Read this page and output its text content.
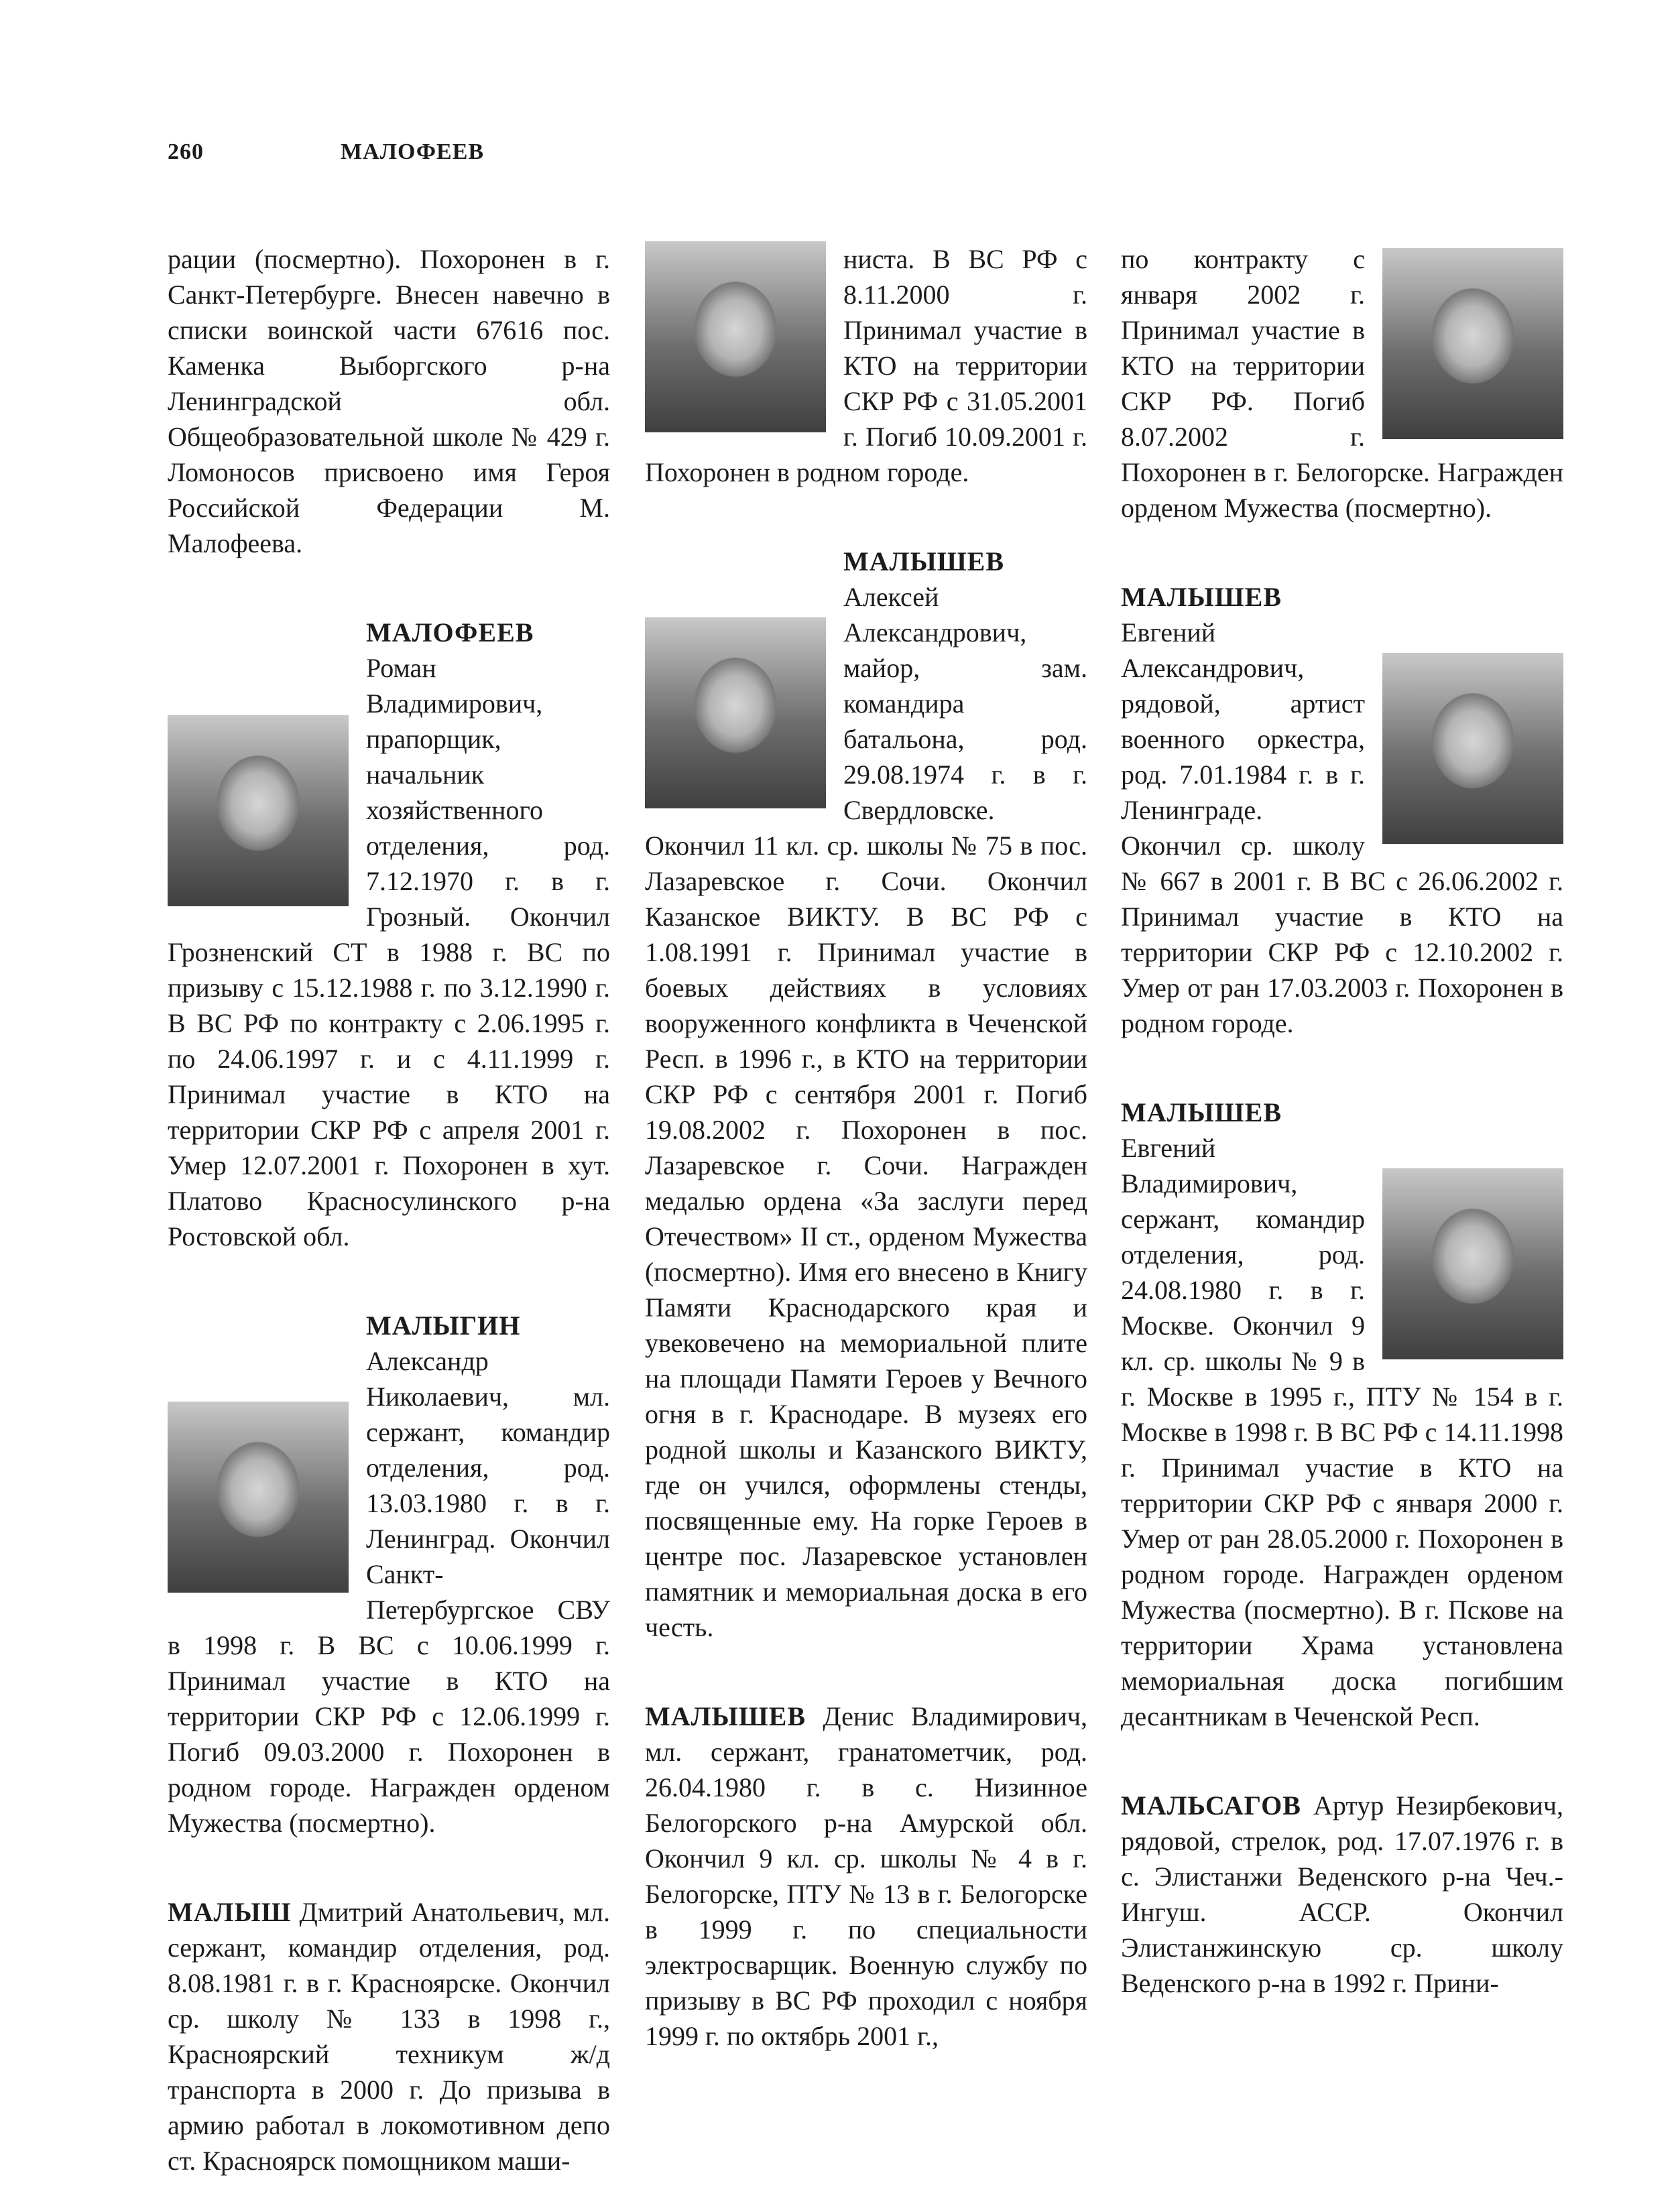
260	МАЛОФЕЕВ

рации (посмертно). Похоронен в г. Санкт-Петербурге. Внесен навечно в списки воинской части 67616 пос. Каменка Выборгского р-на Ленинградской обл. Общеобразовательной школе № 429 г. Ломоносов присвоено имя Героя Российской Федерации М. Малофеева.

МАЛОФЕЕВ Роман Владимирович, прапорщик, начальник хозяйственного отделения, род. 7.12.1970 г. в г. Грозный. Окончил Грозненский СТ в 1988 г. ВС по призыву с 15.12.1988 г. по 3.12.1990 г. В ВС РФ по контракту с 2.06.1995 г. по 24.06.1997 г. и с 4.11.1999 г. Принимал участие в КТО на территории СКР РФ с апреля 2001 г. Умер 12.07.2001 г. Похоронен в хут. Платово Красносулинского р-на Ростовской обл.
МАЛЫГИН Александр Николаевич, мл. сержант, командир отделения, род. 13.03.1980 г. в г. Ленинград. Окончил Санкт-Петербургское СВУ в 1998 г. В ВС с 10.06.1999 г. Принимал участие в КТО на территории СКР РФ с 12.06.1999 г. Погиб 09.03.2000 г. Похоронен в родном городе. Награжден орденом Мужества (посмертно).
МАЛЫШ Дмитрий Анатольевич, мл. сержант, командир отделения, род. 8.08.1981 г. в г. Красноярске. Окончил ср. школу № 133 в 1998 г., Красноярский техникум ж/д транспорта в 2000 г. До призыва в армию работал в локомотивном депо ст. Красноярск помощником маши-

ниста. В ВС РФ с 8.11.2000 г. Принимал участие в КТО на территории СКР РФ с 31.05.2001 г. Погиб 10.09.2001 г. Похоронен в родном городе.

МАЛЫШЕВ Алексей Александрович, майор, зам. командира батальона, род. 29.08.1974 г. в г. Свердловске. Окончил 11 кл. ср. школы № 75 в пос. Лазаревское г. Сочи. Окончил Казанское ВИКТУ. В ВС РФ с 1.08.1991 г. Принимал участие в боевых действиях в условиях вооруженного конфликта в Чеченской Респ. в 1996 г., в КТО на территории СКР РФ с сентября 2001 г. Погиб 19.08.2002 г. Похоронен в пос. Лазаревское г. Сочи. Награжден медалью ордена «За заслуги перед Отечеством» II ст., орденом Мужества (посмертно). Имя его внесено в Книгу Памяти Краснодарского края и увековечено на мемориальной плите на площади Памяти Героев у Вечного огня в г. Краснодаре. В музеях его родной школы и Казанского ВИКТУ, где он учился, оформлены стенды, посвященные ему. На горке Героев в центре пос. Лазаревское установлен памятник и мемориальная доска в его честь.
МАЛЫШЕВ Денис Владимирович, мл. сержант, гранатометчик, род. 26.04.1980 г. в с. Низинное Белогорского р-на Амурской обл. Окончил 9 кл. ср. школы № 4 в г. Белогорске, ПТУ № 13 в г. Белогорске в 1999 г. по специальности электросварщик. Военную службу по призыву в ВС РФ проходил с ноября 1999 г. по октябрь 2001 г.,

по контракту с января 2002 г. Принимал участие в КТО на территории СКР РФ. Погиб 8.07.2002 г. Похоронен в г. Белогорске. Награжден орденом Мужества (посмертно).

МАЛЫШЕВ Евгений Александрович, рядовой, артист военного оркестра, род. 7.01.1984 г. в г. Ленинграде. Окончил ср. школу № 667 в 2001 г. В ВС с 26.06.2002 г. Принимал участие в КТО на территории СКР РФ с 12.10.2002 г. Умер от ран 17.03.2003 г. Похоронен в родном городе.
МАЛЫШЕВ Евгений Владимирович, сержант, командир отделения, род. 24.08.1980 г. в г. Москве. Окончил 9 кл. ср. школы № 9 в г. Москве в 1995 г., ПТУ № 154 в г. Москве в 1998 г. В ВС РФ с 14.11.1998 г. Принимал участие в КТО на территории СКР РФ с января 2000 г. Умер от ран 28.05.2000 г. Похоронен в родном городе. Награжден орденом Мужества (посмертно). В г. Пскове на территории Храма установлена мемориальная доска погибшим десантникам в Чеченской Респ.
МАЛЬСАГОВ Артур Незирбекович, рядовой, стрелок, род. 17.07.1976 г. в с. Элистанжи Веденского р-на Чеч.-Ингуш. АССР. Окончил Элистанжинскую ср. школу Веденского р-на в 1992 г. Прини-
